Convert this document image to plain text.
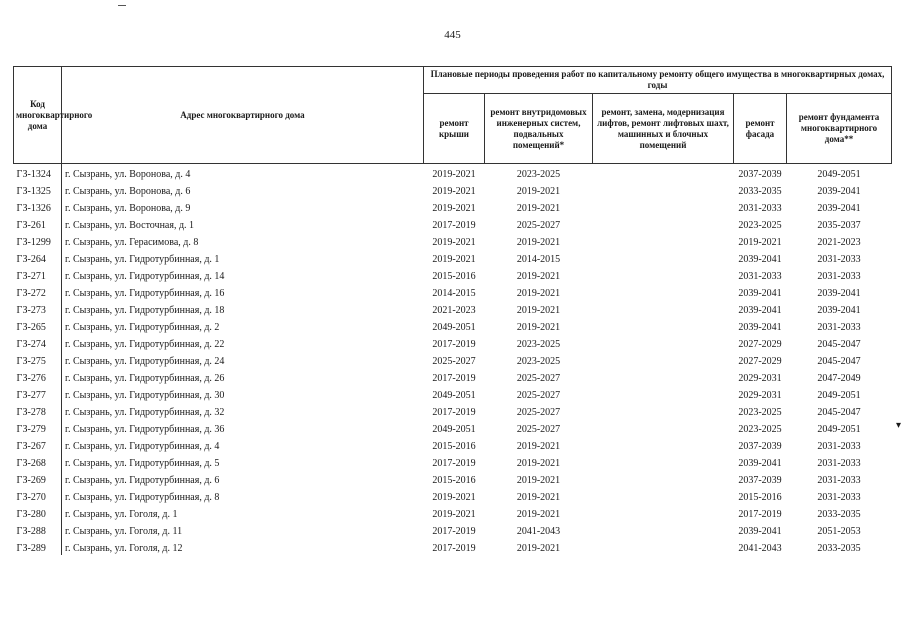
445
▾
Код многоквартирного дома	Адрес многоквартирного дома	Плановые периоды проведения работ по капитальному ремонту общего имущества в многоквартирных домах, годы				
		ремонт крыши	ремонт внутридомовых инженерных систем, подвальных помещений*	ремонт, замена, модернизация лифтов, ремонт лифтовых шахт, машинных и блочных помещений	ремонт фасада	ремонт фундамента многоквартирного дома**
ГЗ-1324	г. Сызрань, ул. Воронова, д. 4	2019-2021	2023-2025		2037-2039	2049-2051
ГЗ-1325	г. Сызрань, ул. Воронова, д. 6	2019-2021	2019-2021		2033-2035	2039-2041
ГЗ-1326	г. Сызрань, ул. Воронова, д. 9	2019-2021	2019-2021		2031-2033	2039-2041
ГЗ-261	г. Сызрань, ул. Восточная, д. 1	2017-2019	2025-2027		2023-2025	2035-2037
ГЗ-1299	г. Сызрань, ул. Герасимова, д. 8	2019-2021	2019-2021		2019-2021	2021-2023
ГЗ-264	г. Сызрань, ул. Гидротурбинная, д. 1	2019-2021	2014-2015		2039-2041	2031-2033
ГЗ-271	г. Сызрань, ул. Гидротурбинная, д. 14	2015-2016	2019-2021		2031-2033	2031-2033
ГЗ-272	г. Сызрань, ул. Гидротурбинная, д. 16	2014-2015	2019-2021		2039-2041	2039-2041
ГЗ-273	г. Сызрань, ул. Гидротурбинная, д. 18	2021-2023	2019-2021		2039-2041	2039-2041
ГЗ-265	г. Сызрань, ул. Гидротурбинная, д. 2	2049-2051	2019-2021		2039-2041	2031-2033
ГЗ-274	г. Сызрань, ул. Гидротурбинная, д. 22	2017-2019	2023-2025		2027-2029	2045-2047
ГЗ-275	г. Сызрань, ул. Гидротурбинная, д. 24	2025-2027	2023-2025		2027-2029	2045-2047
ГЗ-276	г. Сызрань, ул. Гидротурбинная, д. 26	2017-2019	2025-2027		2029-2031	2047-2049
ГЗ-277	г. Сызрань, ул. Гидротурбинная, д. 30	2049-2051	2025-2027		2029-2031	2049-2051
ГЗ-278	г. Сызрань, ул. Гидротурбинная, д. 32	2017-2019	2025-2027		2023-2025	2045-2047
ГЗ-279	г. Сызрань, ул. Гидротурбинная, д. 36	2049-2051	2025-2027		2023-2025	2049-2051
ГЗ-267	г. Сызрань, ул. Гидротурбинная, д. 4	2015-2016	2019-2021		2037-2039	2031-2033
ГЗ-268	г. Сызрань, ул. Гидротурбинная, д. 5	2017-2019	2019-2021		2039-2041	2031-2033
ГЗ-269	г. Сызрань, ул. Гидротурбинная, д. 6	2015-2016	2019-2021		2037-2039	2031-2033
ГЗ-270	г. Сызрань, ул. Гидротурбинная, д. 8	2019-2021	2019-2021		2015-2016	2031-2033
ГЗ-280	г. Сызрань, ул. Гоголя, д. 1	2019-2021	2019-2021		2017-2019	2033-2035
ГЗ-288	г. Сызрань, ул. Гоголя, д. 11	2017-2019	2041-2043		2039-2041	2051-2053
ГЗ-289	г. Сызрань, ул. Гоголя, д. 12	2017-2019	2019-2021		2041-2043	2033-2035
